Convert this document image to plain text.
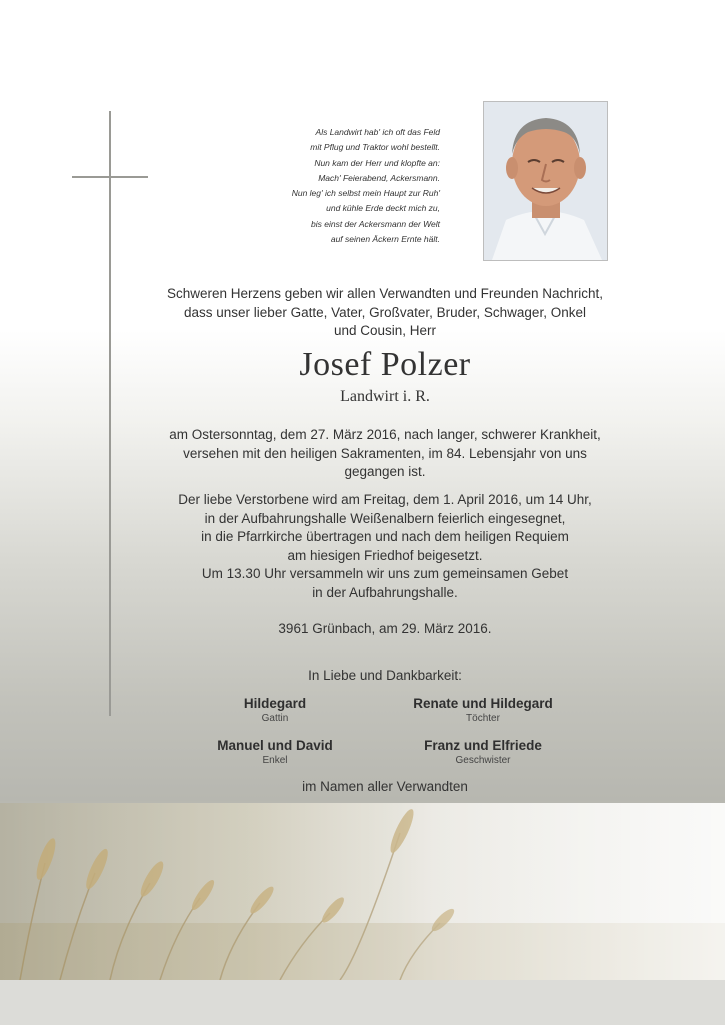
Als Landwirt hab' ich oft das Feld
mit Pflug und Traktor wohl bestellt.
Nun kam der Herr und klopfte an:
Mach' Feierabend, Ackersmann.
Nun leg' ich selbst mein Haupt zur Ruh'
und kühle Erde deckt mich zu,
bis einst der Ackersmann der Welt
auf seinen Äckern Ernte hält.
Schweren Herzens geben wir allen Verwandten und Freunden Nachricht,
dass unser lieber Gatte, Vater, Großvater, Bruder, Schwager, Onkel
und Cousin, Herr
Josef Polzer
Landwirt i. R.
am Ostersonntag, dem 27. März 2016, nach langer, schwerer Krankheit,
versehen mit den heiligen Sakramenten, im 84. Lebensjahr von uns
gegangen ist.
Der liebe Verstorbene wird am Freitag, dem 1. April 2016, um 14 Uhr,
in der Aufbahrungshalle Weißenalbern feierlich eingesegnet,
in die Pfarrkirche übertragen und nach dem heiligen Requiem
am hiesigen Friedhof beigesetzt.
Um 13.30 Uhr versammeln wir uns zum gemeinsamen Gebet
in der Aufbahrungshalle.
3961 Grünbach, am 29. März 2016.
In Liebe und Dankbarkeit:
Hildegard
Gattin
Renate und Hildegard
Töchter
Manuel und David
Enkel
Franz und Elfriede
Geschwister
im Namen aller Verwandten
